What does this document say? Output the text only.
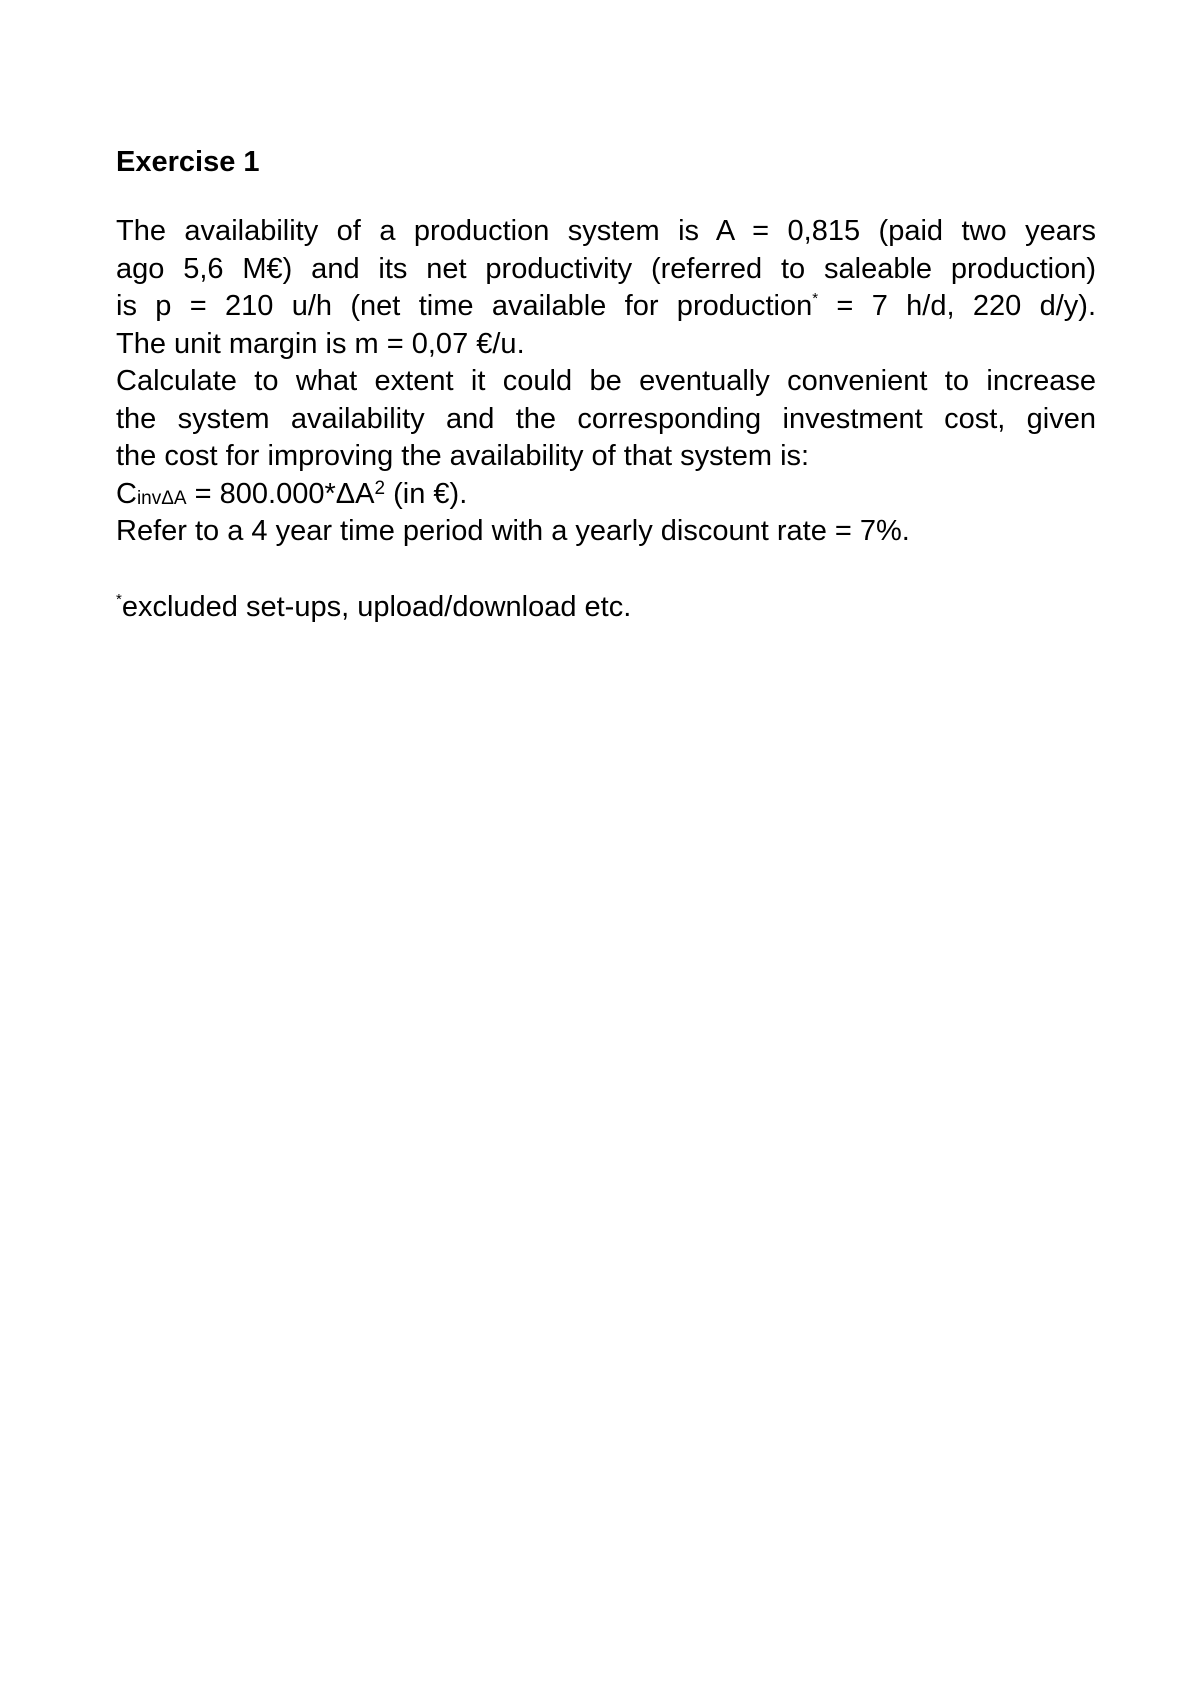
Exercise 1
The availability of a production system is A = 0,815 (paid two years
ago 5,6 M€) and its net productivity (referred to saleable production)
is p = 210 u/h (net time available for production* = 7 h/d, 220 d/y).
The unit margin is m = 0,07 €/u.
Calculate to what extent it could be eventually convenient to increase
the system availability and the corresponding investment cost, given
the cost for improving the availability of that system is:
$C_{inv\Delta A} = 800.000*\Delta A^2$ (in €).
Refer to a 4 year time period with a yearly discount rate = 7%.

*excluded set-ups, upload/download etc.
